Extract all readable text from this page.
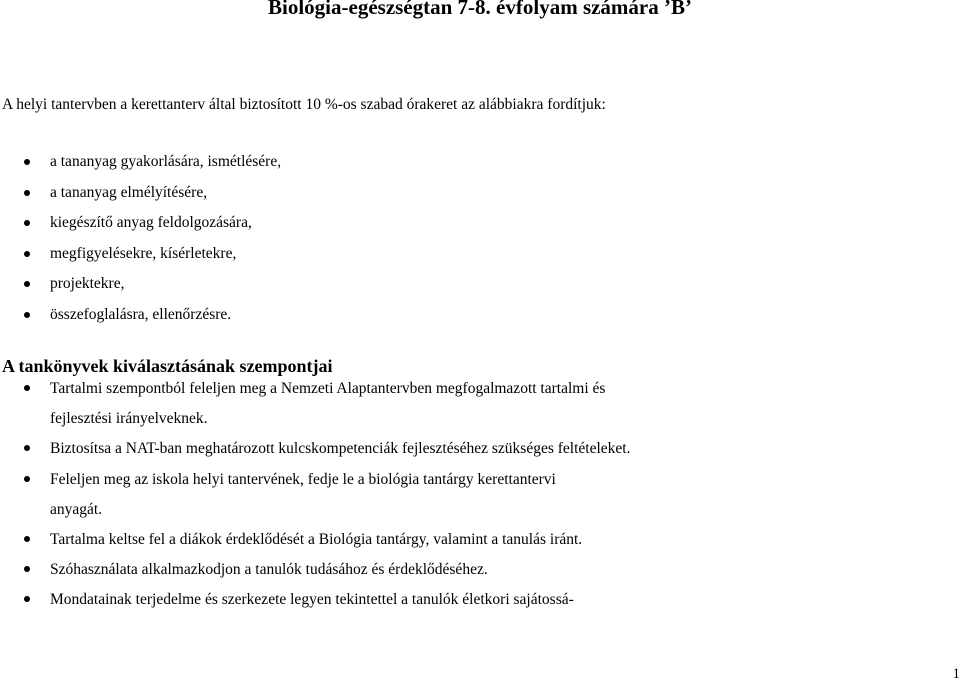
Biológia-egészségtan 7-8. évfolyam számára ’B’
A helyi tantervben a kerettanterv által biztosított 10 %-os szabad órakeret az alábbiakra fordítjuk:
a tananyag gyakorlására, ismétlésére,
a tananyag elmélyítésére,
kiegészítő anyag feldolgozására,
megfigyelésekre, kísérletekre,
projektekre,
összefoglalásra, ellenőrzésre.
A tankönyvek kiválasztásának szempontjai
Tartalmi szempontból feleljen meg a Nemzeti Alaptantervben megfogalmazott tartalmi és fejlesztési irányelveknek.
Biztosítsa a NAT-ban meghatározott kulcskompetenciák fejlesztéséhez szükséges feltételeket.
Feleljen meg az iskola helyi tantervének, fedje le a biológia tantárgy kerettantervi anyagát.
Tartalma keltse fel a diákok érdeklődését a Biológia tantárgy, valamint a tanulás iránt.
Szóhasználata alkalmazkodjon a tanulók tudásához és érdeklődéséhez.
Mondatainak terjedelme és szerkezete legyen tekintettel a tanulók életkori sajátossá-
1
